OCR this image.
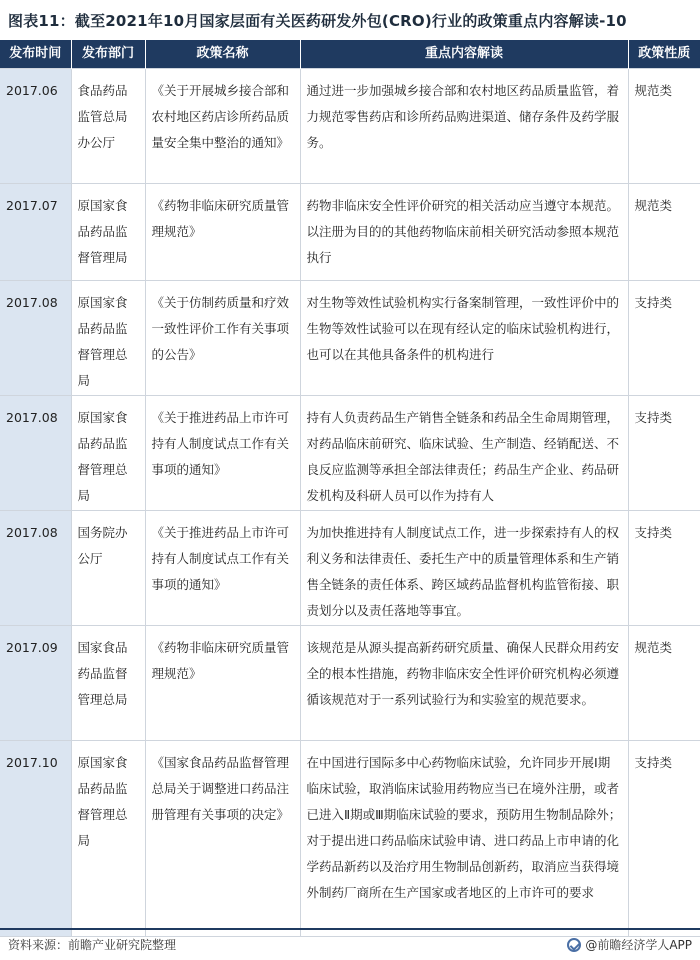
图表11：截至2021年10月国家层面有关医药研发外包(CRO)行业的政策重点内容解读-10
发布时间	发布部门	政策名称	重点内容解读	政策性质
2017.06	食品药品监管总局办公厅	《关于开展城乡接合部和农村地区药店诊所药品质量安全集中整治的通知》	通过进一步加强城乡接合部和农村地区药品质量监管，着力规范零售药店和诊所药品购进渠道、储存条件及药学服务。	规范类
2017.07	原国家食品药品监督管理局	《药物非临床研究质量管理规范》	药物非临床安全性评价研究的相关活动应当遵守本规范。以注册为目的的其他药物临床前相关研究活动参照本规范执行	规范类
2017.08	原国家食品药品监督管理总局	《关于仿制药质量和疗效一致性评价工作有关事项的公告》	对生物等效性试验机构实行备案制管理，一致性评价中的生物等效性试验可以在现有经认定的临床试验机构进行，也可以在其他具备条件的机构进行	支持类
2017.08	原国家食品药品监督管理总局	《关于推进药品上市许可持有人制度试点工作有关事项的通知》	持有人负责药品生产销售全链条和药品全生命周期管理，对药品临床前研究、临床试验、生产制造、经销配送、不良反应监测等承担全部法律责任；药品生产企业、药品研发机构及科研人员可以作为持有人	支持类
2017.08	国务院办公厅	《关于推进药品上市许可持有人制度试点工作有关事项的通知》	为加快推进持有人制度试点工作，进一步探索持有人的权利义务和法律责任、委托生产中的质量管理体系和生产销售全链条的责任体系、跨区域药品监督机构监管衔接、职责划分以及责任落地等事宜。	支持类
2017.09	国家食品药品监督管理总局	《药物非临床研究质量管理规范》	该规范是从源头提高新药研究质量、确保人民群众用药安全的根本性措施，药物非临床安全性评价研究机构必须遵循该规范对于一系列试验行为和实验室的规范要求。	规范类
2017.10	原国家食品药品监督管理总局	《国家食品药品监督管理总局关于调整进口药品注册管理有关事项的决定》	在中国进行国际多中心药物临床试验，允许同步开展Ⅰ期临床试验，取消临床试验用药物应当已在境外注册，或者已进入Ⅱ期或Ⅲ期临床试验的要求，预防用生物制品除外；对于提出进口药品临床试验申请、进口药品上市申请的化学药品新药以及治疗用生物制品创新药，取消应当获得境外制药厂商所在生产国家或者地区的上市许可的要求	支持类
资料来源：前瞻产业研究院整理	@前瞻经济学人APP
